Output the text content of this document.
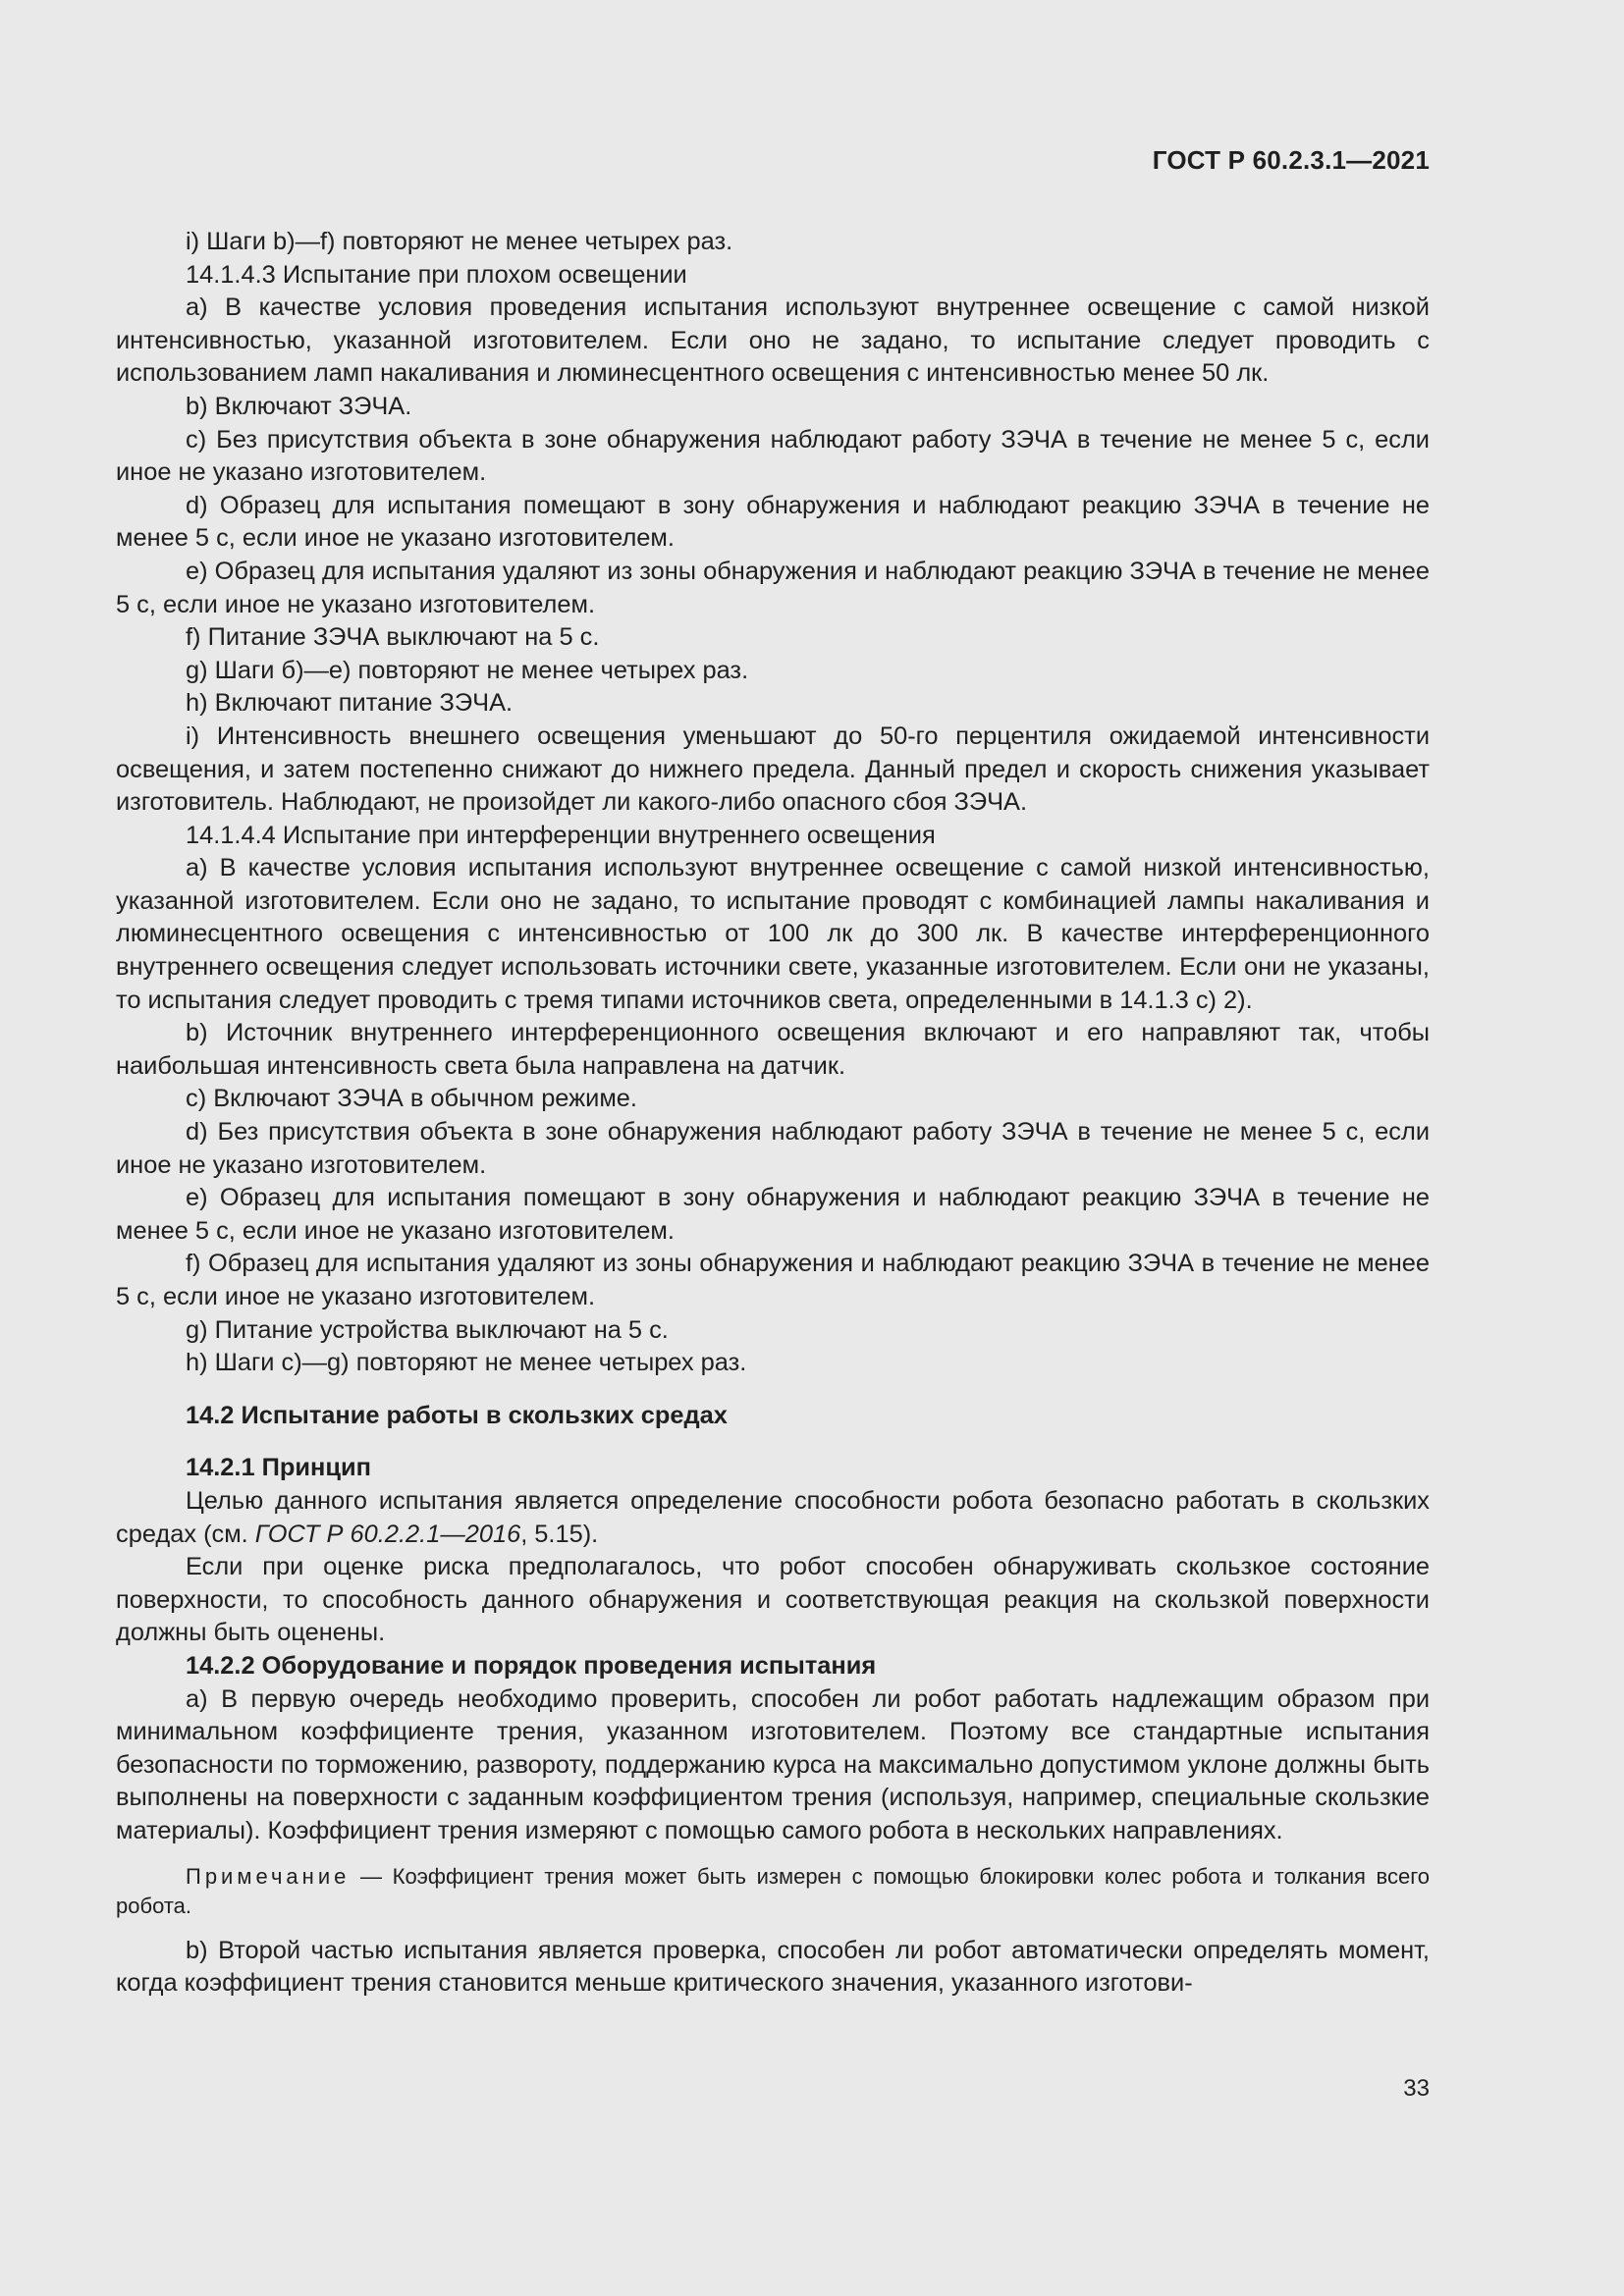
ГОСТ Р 60.2.3.1—2021

i) Шаги b)—f) повторяют не менее четырех раз.

14.1.4.3 Испытание при плохом освещении

a) В качестве условия проведения испытания используют внутреннее освещение с самой низкой интенсивностью, указанной изготовителем. Если оно не задано, то испытание следует проводить с использованием ламп накаливания и люминесцентного освещения с интенсивностью менее 50 лк.

b) Включают ЗЭЧА.

c) Без присутствия объекта в зоне обнаружения наблюдают работу ЗЭЧА в течение не менее 5 с, если иное не указано изготовителем.

d) Образец для испытания помещают в зону обнаружения и наблюдают реакцию ЗЭЧА в течение не менее 5 с, если иное не указано изготовителем.

e) Образец для испытания удаляют из зоны обнаружения и наблюдают реакцию ЗЭЧА в течение не менее 5 с, если иное не указано изготовителем.

f) Питание ЗЭЧА выключают на 5 с.

g) Шаги б)—е) повторяют не менее четырех раз.

h) Включают питание ЗЭЧА.

i) Интенсивность внешнего освещения уменьшают до 50-го перцентиля ожидаемой интенсивности освещения, и затем постепенно снижают до нижнего предела. Данный предел и скорость снижения указывает изготовитель. Наблюдают, не произойдет ли какого-либо опасного сбоя ЗЭЧА.

14.1.4.4 Испытание при интерференции внутреннего освещения

a) В качестве условия испытания используют внутреннее освещение с самой низкой интенсивностью, указанной изготовителем. Если оно не задано, то испытание проводят с комбинацией лампы накаливания и люминесцентного освещения с интенсивностью от 100 лк до 300 лк. В качестве интерференционного внутреннего освещения следует использовать источники свете, указанные изготовителем. Если они не указаны, то испытания следует проводить с тремя типами источников света, определенными в 14.1.3 с) 2).

b) Источник внутреннего интерференционного освещения включают и его направляют так, чтобы наибольшая интенсивность света была направлена на датчик.

c) Включают ЗЭЧА в обычном режиме.

d) Без присутствия объекта в зоне обнаружения наблюдают работу ЗЭЧА в течение не менее 5 с, если иное не указано изготовителем.

e) Образец для испытания помещают в зону обнаружения и наблюдают реакцию ЗЭЧА в течение не менее 5 с, если иное не указано изготовителем.

f) Образец для испытания удаляют из зоны обнаружения и наблюдают реакцию ЗЭЧА в течение не менее 5 с, если иное не указано изготовителем.

g) Питание устройства выключают на 5 с.

h) Шаги c)—g) повторяют не менее четырех раз.

14.2 Испытание работы в скользких средах
14.2.1 Принцип

Целью данного испытания является определение способности робота безопасно работать в скользких средах (см. ГОСТ Р 60.2.2.1—2016, 5.15).

Если при оценке риска предполагалось, что робот способен обнаруживать скользкое состояние поверхности, то способность данного обнаружения и соответствующая реакция на скользкой поверхности должны быть оценены.

14.2.2 Оборудование и порядок проведения испытания

a) В первую очередь необходимо проверить, способен ли робот работать надлежащим образом при минимальном коэффициенте трения, указанном изготовителем. Поэтому все стандартные испытания безопасности по торможению, развороту, поддержанию курса на максимально допустимом уклоне должны быть выполнены на поверхности с заданным коэффициентом трения (используя, например, специальные скользкие материалы). Коэффициент трения измеряют с помощью самого робота в нескольких направлениях.

Примечание — Коэффициент трения может быть измерен с помощью блокировки колес робота и толкания всего робота.

b) Второй частью испытания является проверка, способен ли робот автоматически определять момент, когда коэффициент трения становится меньше критического значения, указанного изготови-

33
